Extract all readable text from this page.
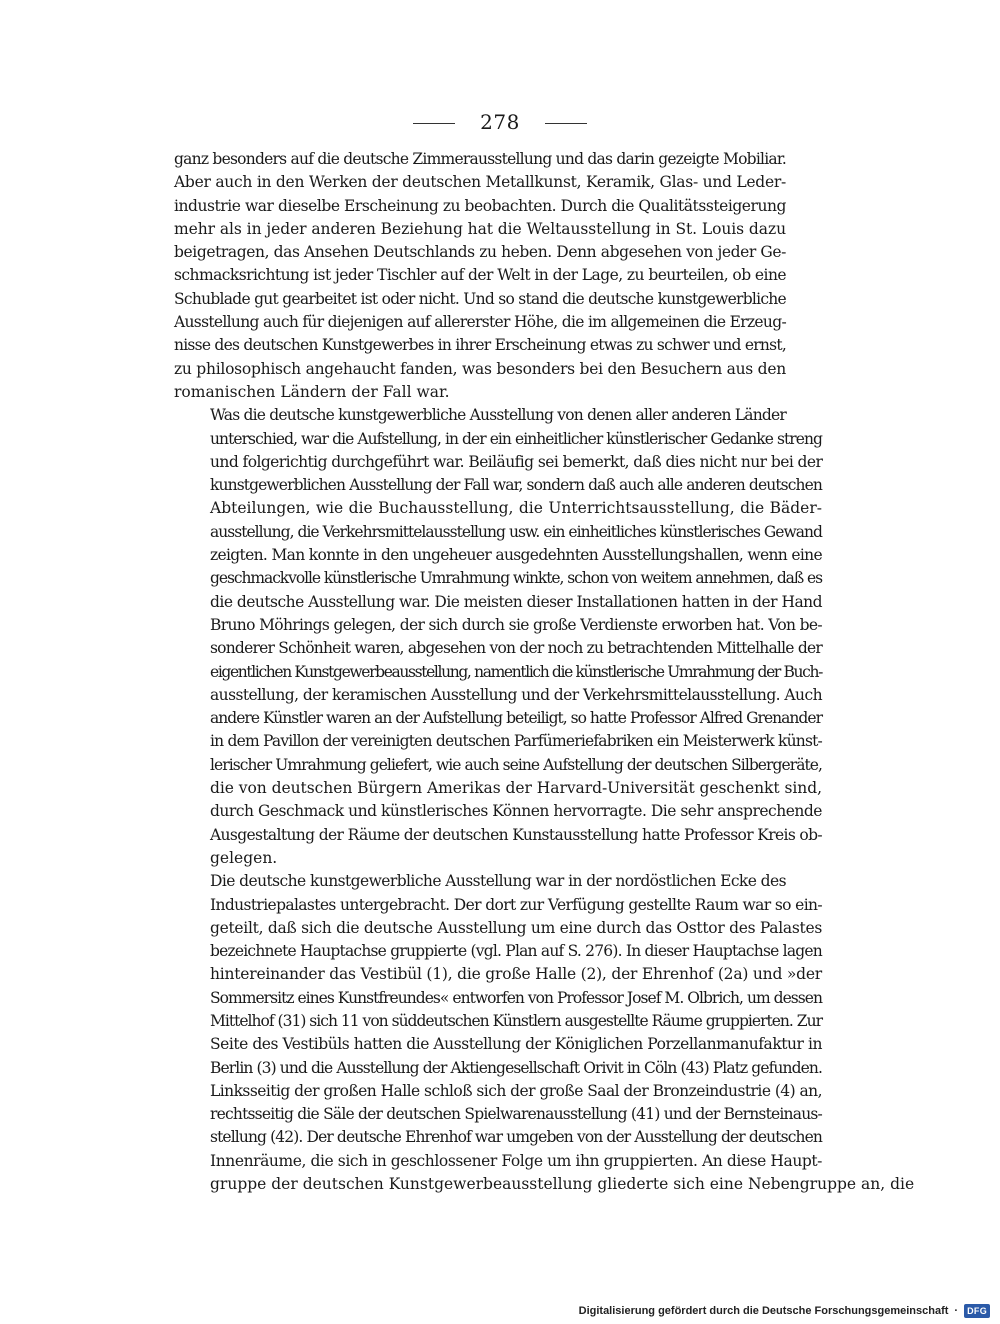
278

ganz besonders auf die deutsche Zimmerausstellung und das darin gezeigte Mobiliar.
Aber auch in den Werken der deutschen Metallkunst, Keramik, Glas- und Leder-
industrie war dieselbe Erscheinung zu beobachten. Durch die Qualitätssteigerung
mehr als in jeder anderen Beziehung hat die Weltausstellung in St. Louis dazu
beigetragen, das Ansehen Deutschlands zu heben. Denn abgesehen von jeder Ge-
schmacksrichtung ist jeder Tischler auf der Welt in der Lage, zu beurteilen, ob eine
Schublade gut gearbeitet ist oder nicht. Und so stand die deutsche kunstgewerbliche
Ausstellung auch für diejenigen auf allererster Höhe, die im allgemeinen die Erzeug-
nisse des deutschen Kunstgewerbes in ihrer Erscheinung etwas zu schwer und ernst,
zu philosophisch angehaucht fanden, was besonders bei den Besuchern aus den
romanischen Ländern der Fall war.

Was die deutsche kunstgewerbliche Ausstellung von denen aller anderen Länder
unterschied, war die Aufstellung, in der ein einheitlicher künstlerischer Gedanke streng
und folgerichtig durchgeführt war. Beiläufig sei bemerkt, daß dies nicht nur bei der
kunstgewerblichen Ausstellung der Fall war, sondern daß auch alle anderen deutschen
Abteilungen, wie die Buchausstellung, die Unterrichtsausstellung, die Bäder-
ausstellung, die Verkehrsmittelausstellung usw. ein einheitliches künstlerisches Gewand
zeigten. Man konnte in den ungeheuer ausgedehnten Ausstellungshallen, wenn eine
geschmackvolle künstlerische Umrahmung winkte, schon von weitem annehmen, daß es
die deutsche Ausstellung war. Die meisten dieser Installationen hatten in der Hand
Bruno Möhrings gelegen, der sich durch sie große Verdienste erworben hat. Von be-
sonderer Schönheit waren, abgesehen von der noch zu betrachtenden Mittelhalle der
eigentlichen Kunstgewerbeausstellung, namentlich die künstlerische Umrahmung der Buch-
ausstellung, der keramischen Ausstellung und der Verkehrsmittelausstellung. Auch
andere Künstler waren an der Aufstellung beteiligt, so hatte Professor Alfred Grenander
in dem Pavillon der vereinigten deutschen Parfümeriefabriken ein Meisterwerk künst-
lerischer Umrahmung geliefert, wie auch seine Aufstellung der deutschen Silbergeräte,
die von deutschen Bürgern Amerikas der Harvard-Universität geschenkt sind,
durch Geschmack und künstlerisches Können hervorragte. Die sehr ansprechende
Ausgestaltung der Räume der deutschen Kunstausstellung hatte Professor Kreis ob-
gelegen.

Die deutsche kunstgewerbliche Ausstellung war in der nordöstlichen Ecke des
Industriepalastes untergebracht. Der dort zur Verfügung gestellte Raum war so ein-
geteilt, daß sich die deutsche Ausstellung um eine durch das Osttor des Palastes
bezeichnete Hauptachse gruppierte (vgl. Plan auf S. 276). In dieser Hauptachse lagen
hintereinander das Vestibül (1), die große Halle (2), der Ehrenhof (2a) und »der
Sommersitz eines Kunstfreundes« entworfen von Professor Josef M. Olbrich, um dessen
Mittelhof (31) sich 11 von süddeutschen Künstlern ausgestellte Räume gruppierten. Zur
Seite des Vestibüls hatten die Ausstellung der Königlichen Porzellanmanufaktur in
Berlin (3) und die Ausstellung der Aktiengesellschaft Orivit in Cöln (43) Platz gefunden.
Linksseitig der großen Halle schloß sich der große Saal der Bronzeindustrie (4) an,
rechtsseitig die Säle der deutschen Spielwarenausstellung (41) und der Bernsteinaus-
stellung (42). Der deutsche Ehrenhof war umgeben von der Ausstellung der deutschen
Innenräume, die sich in geschlossener Folge um ihn gruppierten. An diese Haupt-
gruppe der deutschen Kunstgewerbeausstellung gliederte sich eine Nebengruppe an, die

Digitalisierung gefördert durch die Deutsche Forschungsgemeinschaft ·	DFG
